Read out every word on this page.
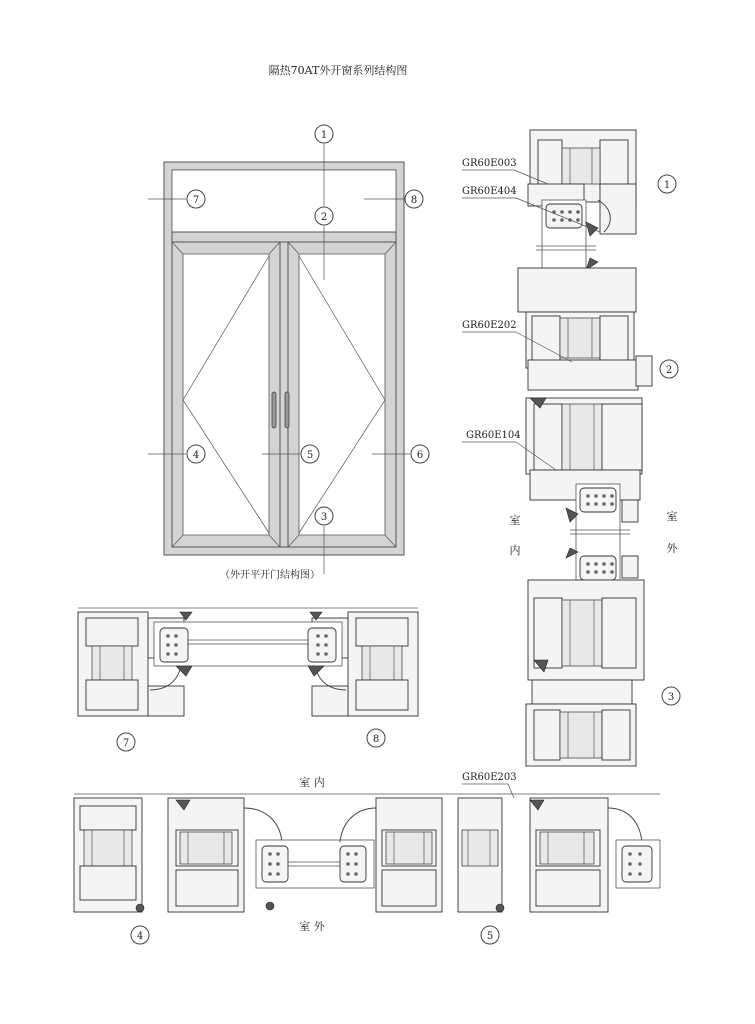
隔热70AT外开窗系列结构图
1
2
3
7	8
4	5	6
（外开平开门结构图）
GR60E003
GR60E404
GR60E202
GR60E104
室
内
室
外
1
2
3
7	8
GR60E203
室 内
室 外
4	5
